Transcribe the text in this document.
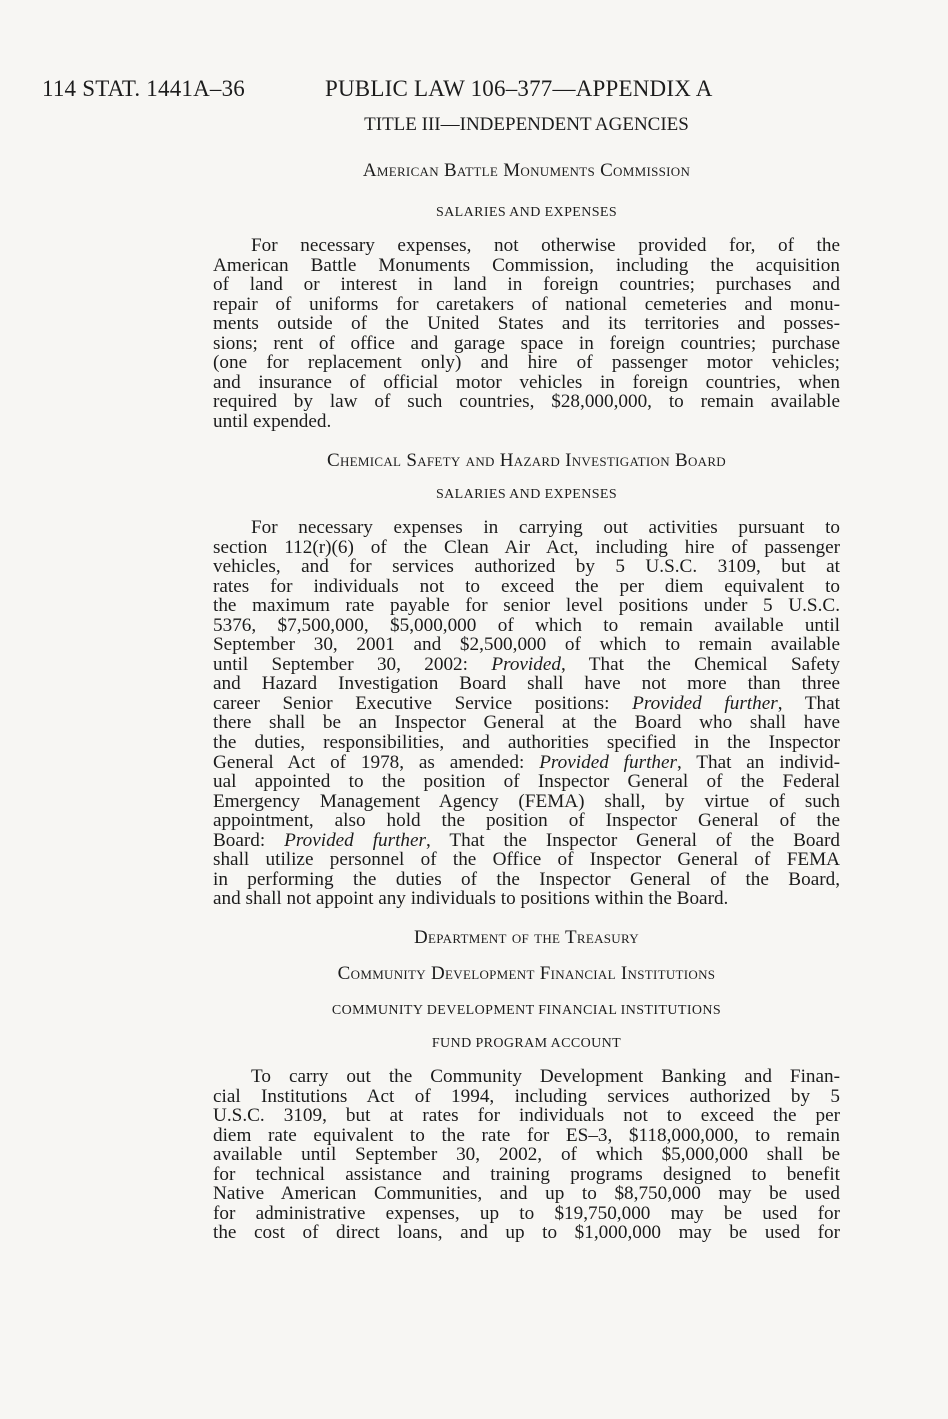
114 STAT. 1441A–36	PUBLIC LAW 106–377—APPENDIX A
TITLE III—INDEPENDENT AGENCIES
American Battle Monuments Commission
SALARIES AND EXPENSES
For necessary expenses, not otherwise provided for, of the
American Battle Monuments Commission, including the acquisition
of land or interest in land in foreign countries; purchases and
repair of uniforms for caretakers of national cemeteries and monu-
ments outside of the United States and its territories and posses-
sions; rent of office and garage space in foreign countries; purchase
(one for replacement only) and hire of passenger motor vehicles;
and insurance of official motor vehicles in foreign countries, when
required by law of such countries, $28,000,000, to remain available
until expended.
Chemical Safety and Hazard Investigation Board
SALARIES AND EXPENSES
For necessary expenses in carrying out activities pursuant to
section 112(r)(6) of the Clean Air Act, including hire of passenger
vehicles, and for services authorized by 5 U.S.C. 3109, but at
rates for individuals not to exceed the per diem equivalent to
the maximum rate payable for senior level positions under 5 U.S.C.
5376, $7,500,000, $5,000,000 of which to remain available until
September 30, 2001 and $2,500,000 of which to remain available
until September 30, 2002: Provided, That the Chemical Safety
and Hazard Investigation Board shall have not more than three
career Senior Executive Service positions: Provided further, That
there shall be an Inspector General at the Board who shall have
the duties, responsibilities, and authorities specified in the Inspector
General Act of 1978, as amended: Provided further, That an individ-
ual appointed to the position of Inspector General of the Federal
Emergency Management Agency (FEMA) shall, by virtue of such
appointment, also hold the position of Inspector General of the
Board: Provided further, That the Inspector General of the Board
shall utilize personnel of the Office of Inspector General of FEMA
in performing the duties of the Inspector General of the Board,
and shall not appoint any individuals to positions within the Board.
Department of the Treasury
Community Development Financial Institutions
COMMUNITY DEVELOPMENT FINANCIAL INSTITUTIONS
FUND PROGRAM ACCOUNT
To carry out the Community Development Banking and Finan-
cial Institutions Act of 1994, including services authorized by 5
U.S.C. 3109, but at rates for individuals not to exceed the per
diem rate equivalent to the rate for ES–3, $118,000,000, to remain
available until September 30, 2002, of which $5,000,000 shall be
for technical assistance and training programs designed to benefit
Native American Communities, and up to $8,750,000 may be used
for administrative expenses, up to $19,750,000 may be used for
the cost of direct loans, and up to $1,000,000 may be used for
